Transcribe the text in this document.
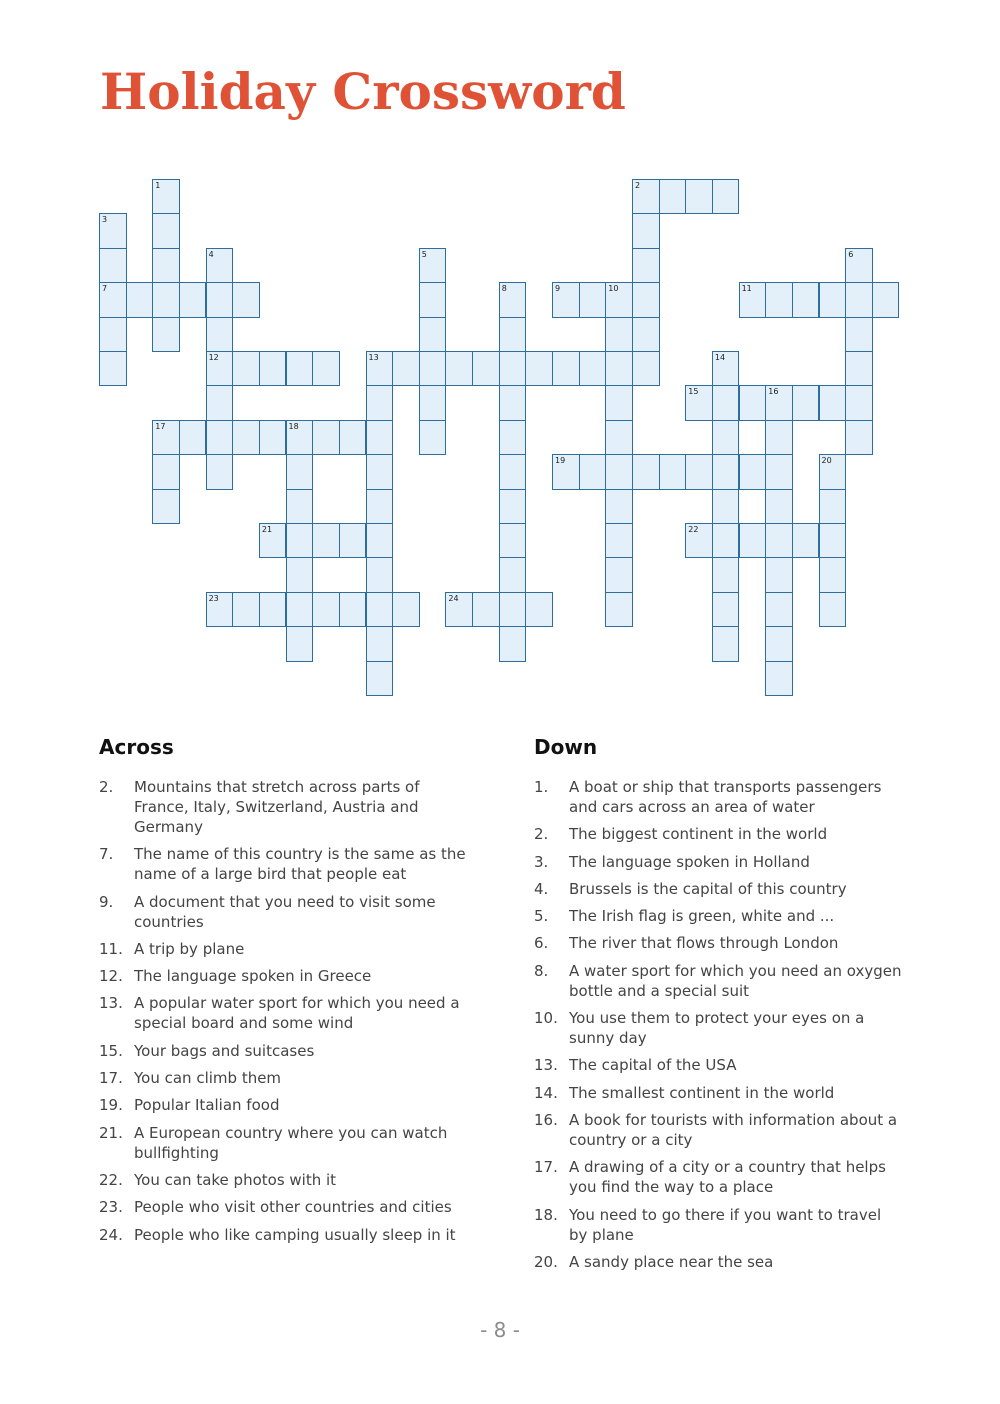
Holiday Crossword
1	2
3
4	5	6
7	8	9	10	11
12	13	14
15	16
17	18
19	20
21	22
23	24
Across
2.	Mountains that stretch across parts of France, Italy, Switzerland, Austria and Germany
7.	The name of this country is the same as the name of a large bird that people eat
9.	A document that you need to visit some countries
11. A trip by plane
12. The language spoken in Greece
13. A popular water sport for which you need a special board and some wind
15. Your bags and suitcases
17. You can climb them
19. Popular Italian food
21. A European country where you can watch bullfighting
22. You can take photos with it
23. People who visit other countries and cities
24. People who like camping usually sleep in it
Down
1.	A boat or ship that transports passengers and cars across an area of water
2.	The biggest continent in the world
3.	The language spoken in Holland
4.	Brussels is the capital of this country
5.	The Irish flag is green, white and ...
6.	The river that flows through London
8.	A water sport for which you need an oxygen bottle and a special suit
10. You use them to protect your eyes on a sunny day
13. The capital of the USA
14. The smallest continent in the world
16. A book for tourists with information about a country or a city
17. A drawing of a city or a country that helps you find the way to a place
18. You need to go there if you want to travel by plane
20. A sandy place near the sea
- 8 -
